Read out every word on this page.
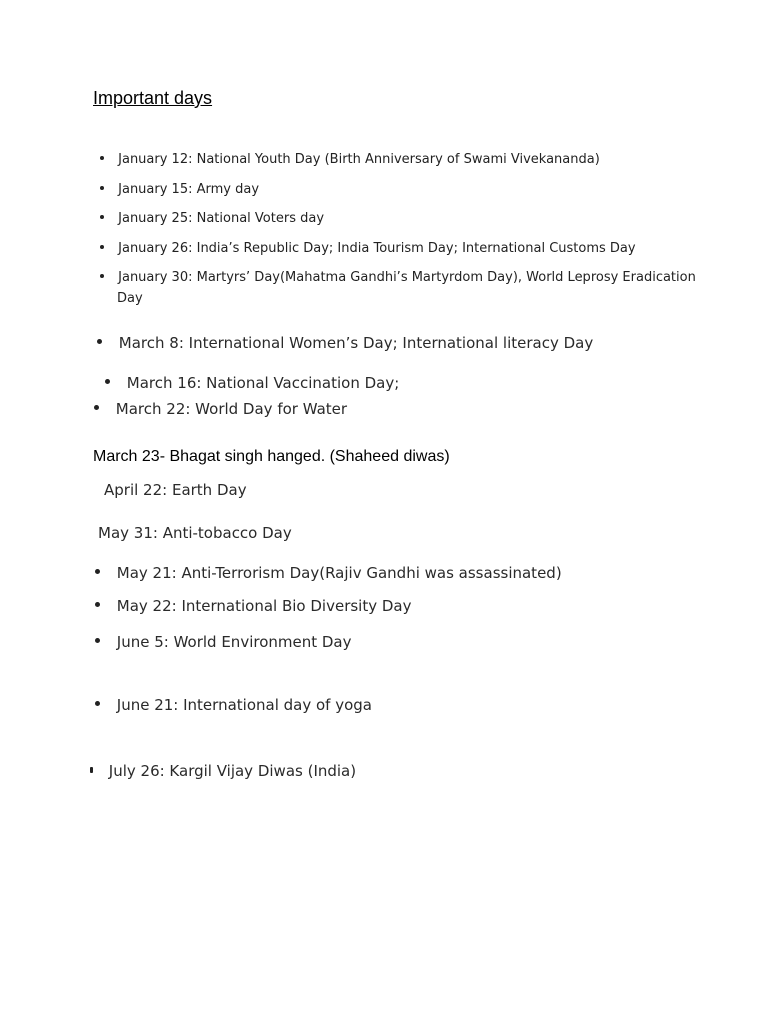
Important days
January 12: National Youth Day (Birth Anniversary of Swami Vivekananda)
January 15: Army day
January 25: National Voters day
January 26: India’s Republic Day; India Tourism Day; International Customs Day
January 30: Martyrs’ Day(Mahatma Gandhi’s Martyrdom Day), World Leprosy Eradication
Day
March 8: International Women’s Day; International literacy Day
March 16: National Vaccination Day;
March 22: World Day for Water
March 23- Bhagat singh hanged. (Shaheed diwas)
April 22: Earth Day
May 31: Anti-tobacco Day
May 21: Anti-Terrorism Day(Rajiv Gandhi was assassinated)
May 22: International Bio Diversity Day
June 5: World Environment Day
June 21: International day of yoga
July 26: Kargil Vijay Diwas (India)
